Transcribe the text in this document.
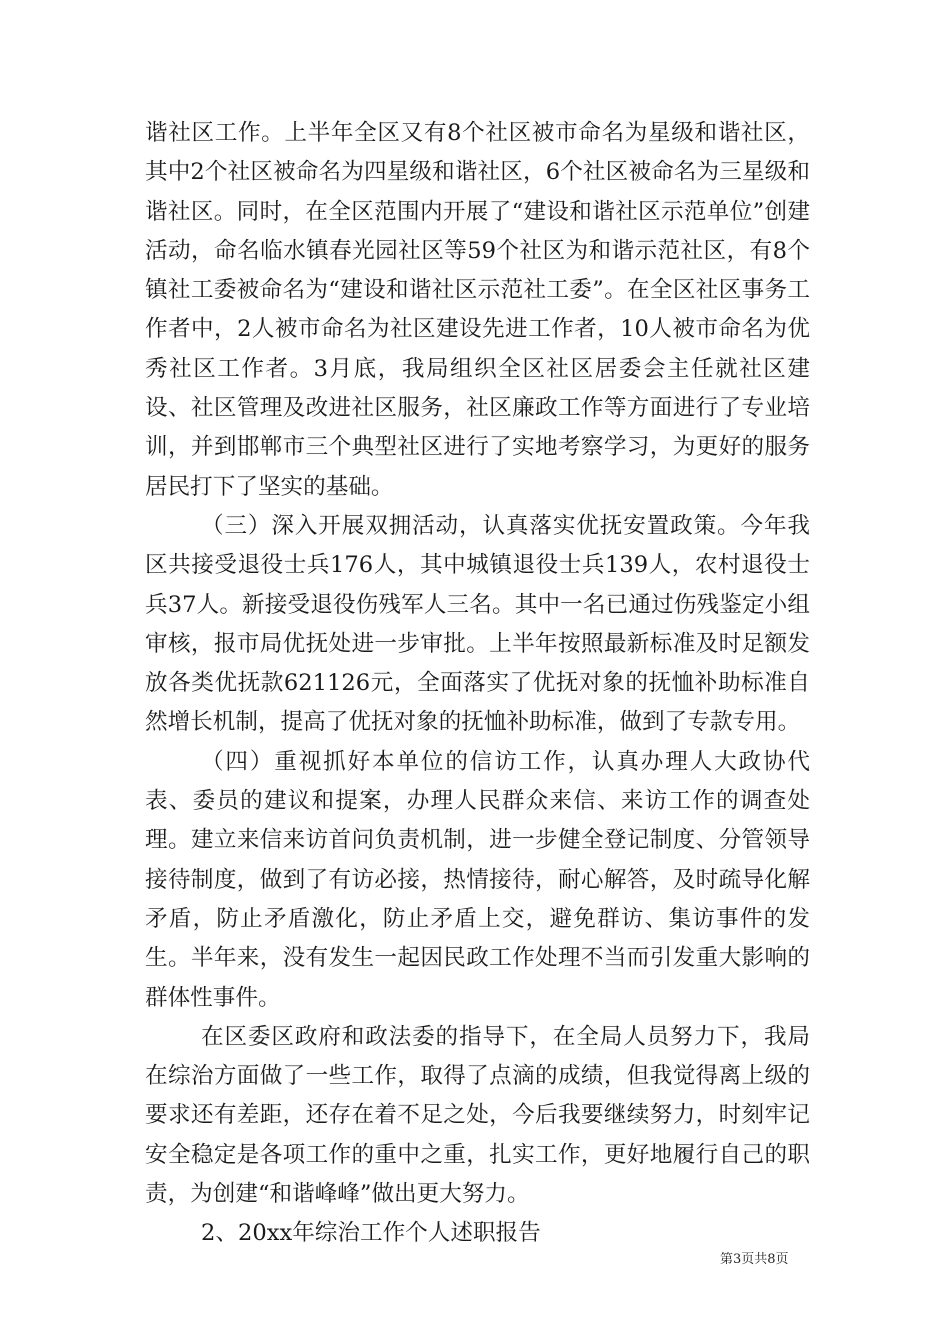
谐社区工作。上半年全区又有8个社区被市命名为星级和谐社区，其中2个社区被命名为四星级和谐社区，6个社区被命名为三星级和谐社区。同时，在全区范围内开展了“建设和谐社区示范单位”创建活动，命名临水镇春光园社区等59个社区为和谐示范社区，有8个镇社工委被命名为“建设和谐社区示范社工委”。在全区社区事务工作者中，2人被市命名为社区建设先进工作者，10人被市命名为优秀社区工作者。3月底，我局组织全区社区居委会主任就社区建设、社区管理及改进社区服务，社区廉政工作等方面进行了专业培训，并到邯郸市三个典型社区进行了实地考察学习，为更好的服务居民打下了坚实的基础。

（三）深入开展双拥活动，认真落实优抚安置政策。今年我区共接受退役士兵176人，其中城镇退役士兵139人，农村退役士兵37人。新接受退役伤残军人三名。其中一名已通过伤残鉴定小组审核，报市局优抚处进一步审批。上半年按照最新标准及时足额发放各类优抚款621126元，全面落实了优抚对象的抚恤补助标准自然增长机制，提高了优抚对象的抚恤补助标准，做到了专款专用。

（四）重视抓好本单位的信访工作，认真办理人大政协代表、委员的建议和提案，办理人民群众来信、来访工作的调查处理。建立来信来访首问负责机制，进一步健全登记制度、分管领导接待制度，做到了有访必接，热情接待，耐心解答，及时疏导化解矛盾，防止矛盾激化，防止矛盾上交，避免群访、集访事件的发生。半年来，没有发生一起因民政工作处理不当而引发重大影响的群体性事件。

在区委区政府和政法委的指导下，在全局人员努力下，我局在综治方面做了一些工作，取得了点滴的成绩，但我觉得离上级的要求还有差距，还存在着不足之处，今后我要继续努力，时刻牢记安全稳定是各项工作的重中之重，扎实工作，更好地履行自己的职责，为创建“和谐峰峰”做出更大努力。

2、20xx年综治工作个人述职报告

第3页共8页
